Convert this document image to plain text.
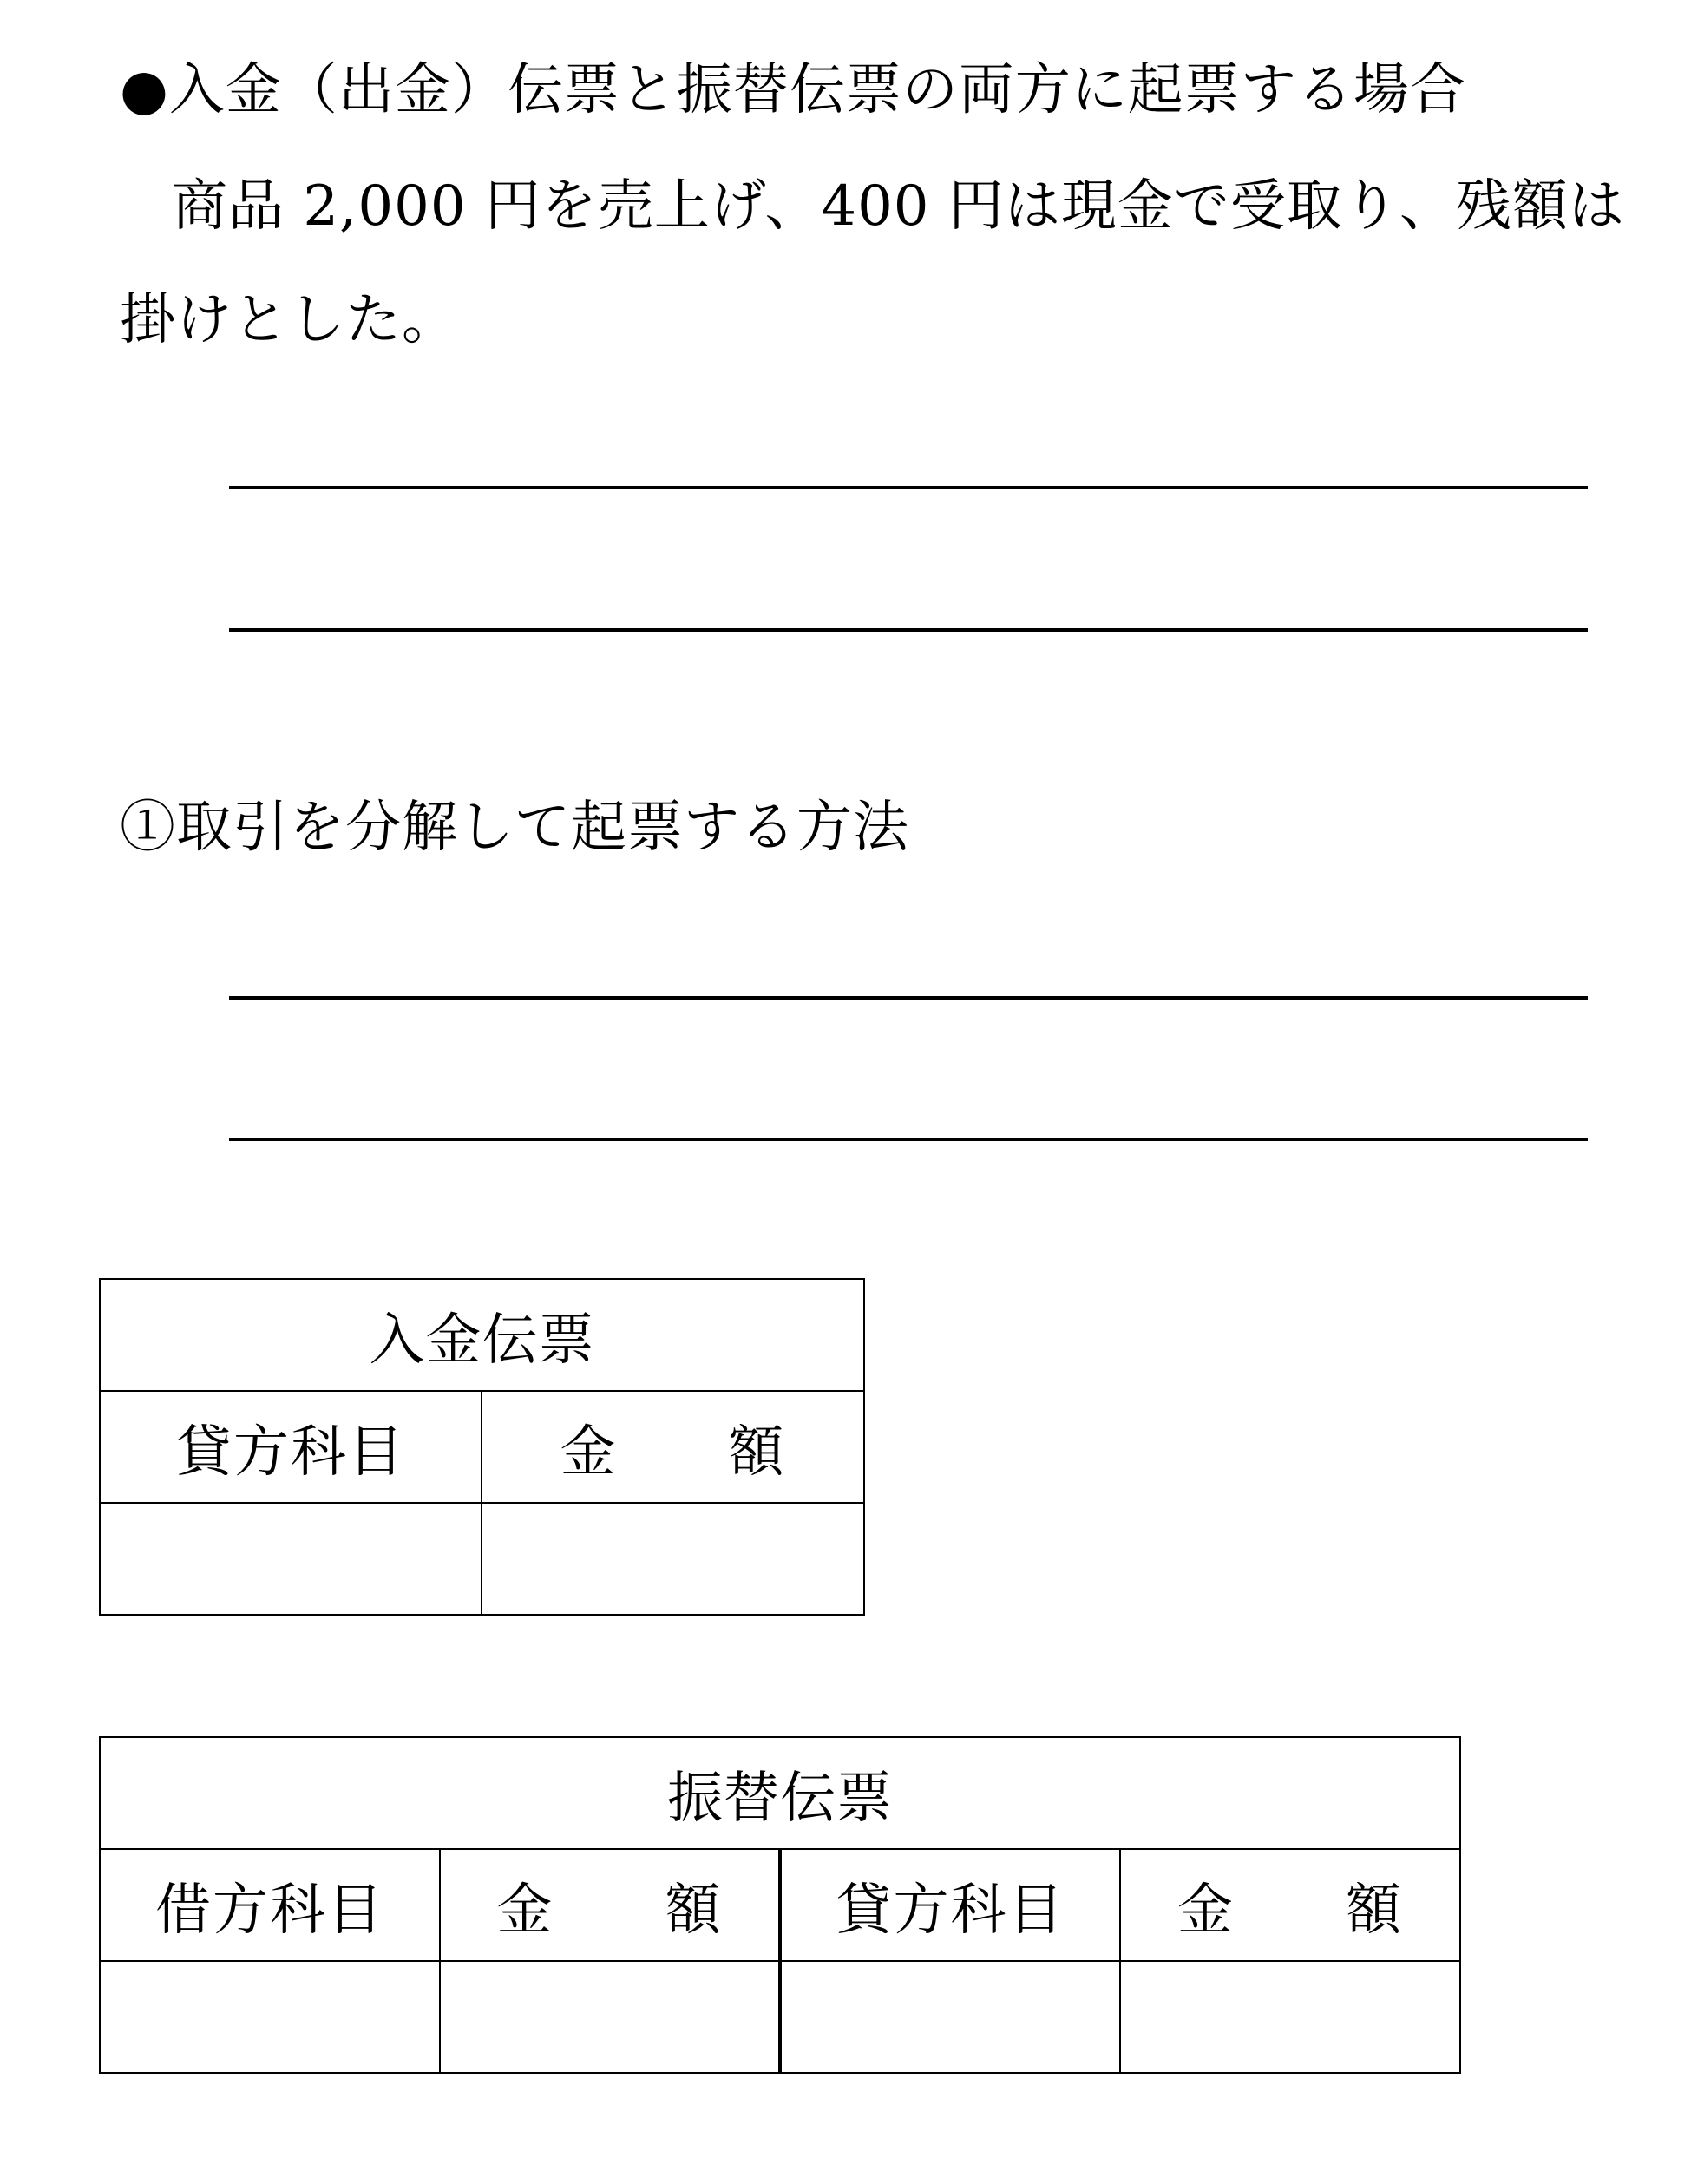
●入金（出金）伝票と振替伝票の両方に起票する場合
商品 2,000 円を売上げ、400 円は現金で受取り、残額は
掛けとした。
①取引を分解して起票する方法
入金伝票	
貸方科目	金 額

振替伝票			
借方科目	金 額	貸方科目	金 額
